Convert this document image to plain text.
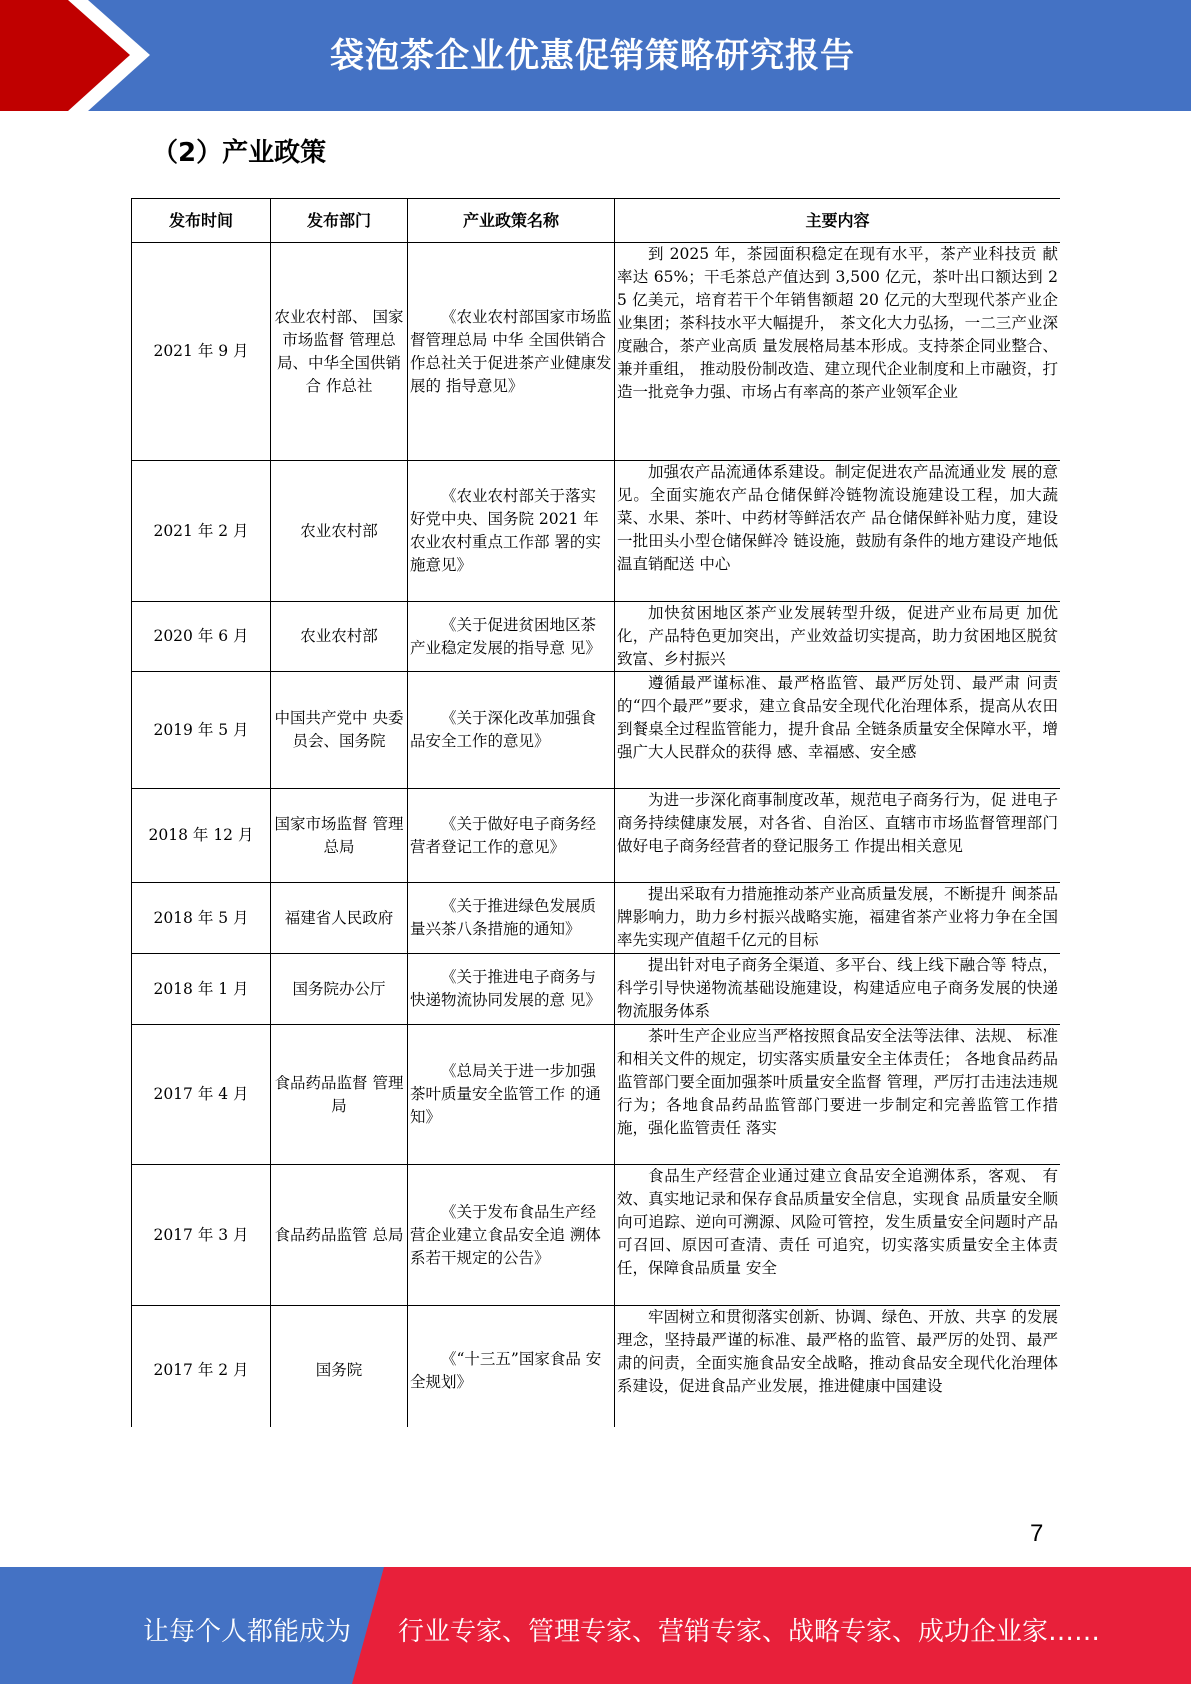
袋泡茶企业优惠促销策略研究报告
（2）产业政策
发布时间	发布部门	产业政策名称	主要内容
2021 年 9 月	农业农村部、 国家市场监督 管理总局、中华全国供销合 作总社	《农业农村部国家市场监督管理总局 中华 全国供销合作总社关于促进茶产业健康发展的 指导意见》	到 2025 年，茶园面积稳定在现有水平，茶产业科技贡 献率达 65%；干毛茶总产值达到 3,500 亿元，茶叶出口额达到 25 亿美元，培育若干个年销售额超 20 亿元的大型现代茶产业企业集团；茶科技水平大幅提升， 茶文化大力弘扬，一二三产业深度融合，茶产业高质 量发展格局基本形成。支持茶企同业整合、兼并重组， 推动股份制改造、建立现代企业制度和上市融资，打 造一批竞争力强、市场占有率高的茶产业领军企业
2021 年 2 月	农业农村部	《农业农村部关于落实 好党中央、国务院 2021 年农业农村重点工作部 署的实施意见》	加强农产品流通体系建设。制定促进农产品流通业发 展的意见。全面实施农产品仓储保鲜冷链物流设施建设工程，加大蔬菜、水果、茶叶、中药材等鲜活农产 品仓储保鲜补贴力度，建设一批田头小型仓储保鲜冷 链设施，鼓励有条件的地方建设产地低温直销配送 中心
2020 年 6 月	农业农村部	《关于促进贫困地区茶 产业稳定发展的指导意 见》	加快贫困地区茶产业发展转型升级，促进产业布局更 加优化，产品特色更加突出，产业效益切实提高，助力贫困地区脱贫致富、乡村振兴
2019 年 5 月	中国共产党中 央委员会、国务院	《关于深化改革加强食 品安全工作的意见》	遵循最严谨标准、最严格监管、最严厉处罚、最严肃 问责的“四个最严”要求，建立食品安全现代化治理体系，提高从农田到餐桌全过程监管能力，提升食品 全链条质量安全保障水平，增强广大人民群众的获得 感、幸福感、安全感
2018 年 12 月	国家市场监督 管理总局	《关于做好电子商务经 营者登记工作的意见》	为进一步深化商事制度改革，规范电子商务行为，促 进电子商务持续健康发展，对各省、自治区、直辖市市场监督管理部门做好电子商务经营者的登记服务工 作提出相关意见
2018 年 5 月	福建省人民政府	《关于推进绿色发展质 量兴茶八条措施的通知》	提出采取有力措施推动茶产业高质量发展，不断提升 闽茶品牌影响力，助力乡村振兴战略实施，福建省茶产业将力争在全国率先实现产值超千亿元的目标
2018 年 1 月	国务院办公厅	《关于推进电子商务与 快递物流协同发展的意 见》	提出针对电子商务全渠道、多平台、线上线下融合等 特点，科学引导快递物流基础设施建设，构建适应电子商务发展的快递物流服务体系
2017 年 4 月	食品药品监督 管理局	《总局关于进一步加强 茶叶质量安全监管工作 的通知》	茶叶生产企业应当严格按照食品安全法等法律、法规、 标准和相关文件的规定，切实落实质量安全主体责任； 各地食品药品监管部门要全面加强茶叶质量安全监督 管理，严厉打击违法违规行为；各地食品药品监管部门要进一步制定和完善监管工作措施，强化监管责任 落实
2017 年 3 月	食品药品监管 总局	《关于发布食品生产经 营企业建立食品安全追 溯体系若干规定的公告》	食品生产经营企业通过建立食品安全追溯体系，客观、 有效、真实地记录和保存食品质量安全信息，实现食 品质量安全顺向可追踪、逆向可溯源、风险可管控，发生质量安全问题时产品可召回、原因可查清、责任 可追究，切实落实质量安全主体责任，保障食品质量 安全
2017 年 2 月	国务院	《“十三五”国家食品 安全规划》	牢固树立和贯彻落实创新、协调、绿色、开放、共享 的发展理念，坚持最严谨的标准、最严格的监管、最严厉的处罚、最严肃的问责，全面实施食品安全战略，推动食品安全现代化治理体系建设，促进食品产业发展，推进健康中国建设
7
让每个人都能成为 行业专家、管理专家、营销专家、战略专家、成功企业家……
